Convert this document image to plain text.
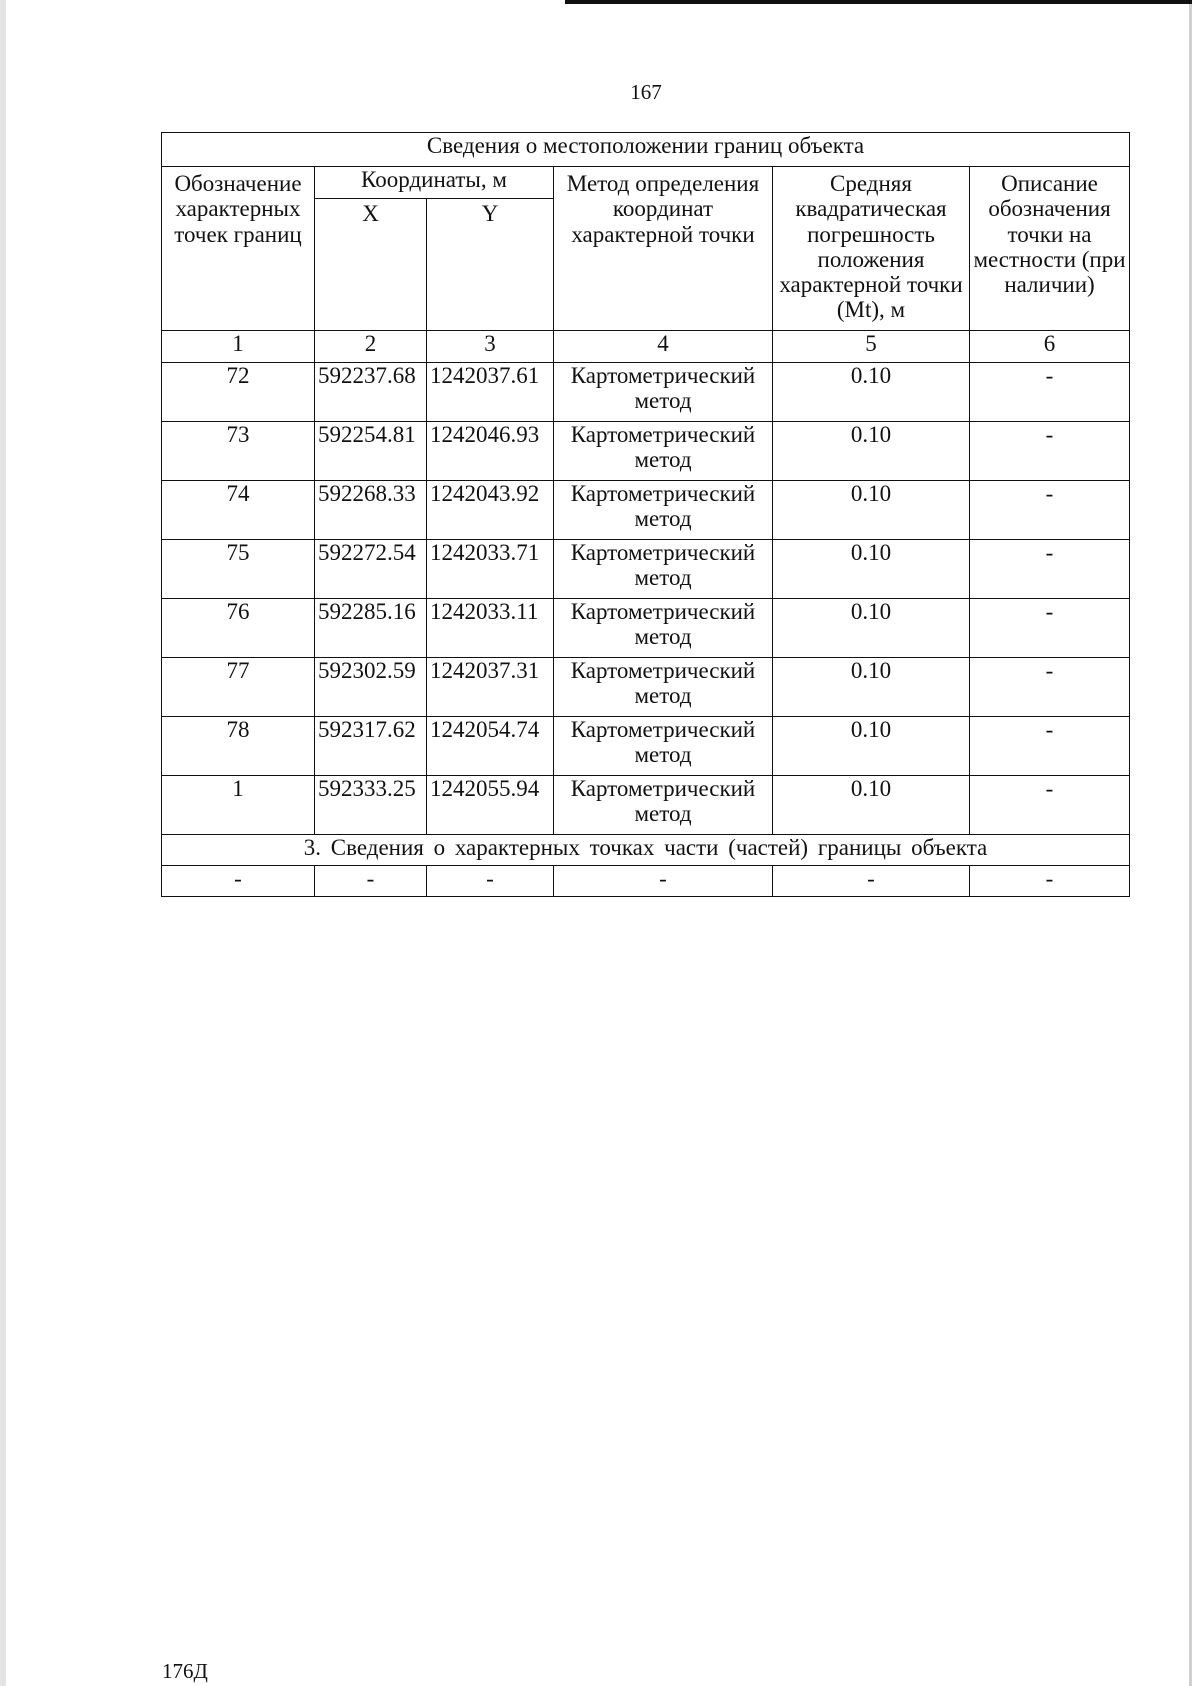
167
Сведения о местоположении границ объекта					

Обозначение характерных точек границ	Координаты, м		Метод определения координат характерной точки	Средняя квадратическая погрешность положения характерной точки (Mt), м	Описание обозначения точки на местности (при наличии)

	X	Y			

1	2	3	4	5	6
72	592237.68	1242037.61	Картометрический метод	0.10	-
73	592254.81	1242046.93	Картометрический метод	0.10	-
74	592268.33	1242043.92	Картометрический метод	0.10	-
75	592272.54	1242033.71	Картометрический метод	0.10	-
76	592285.16	1242033.11	Картометрический метод	0.10	-
77	592302.59	1242037.31	Картометрический метод	0.10	-
78	592317.62	1242054.74	Картометрический метод	0.10	-
1	592333.25	1242055.94	Картометрический метод	0.10	-
3. Сведения о характерных точках части (частей) границы объекта					
-	-	-	-	-	-
176Д
